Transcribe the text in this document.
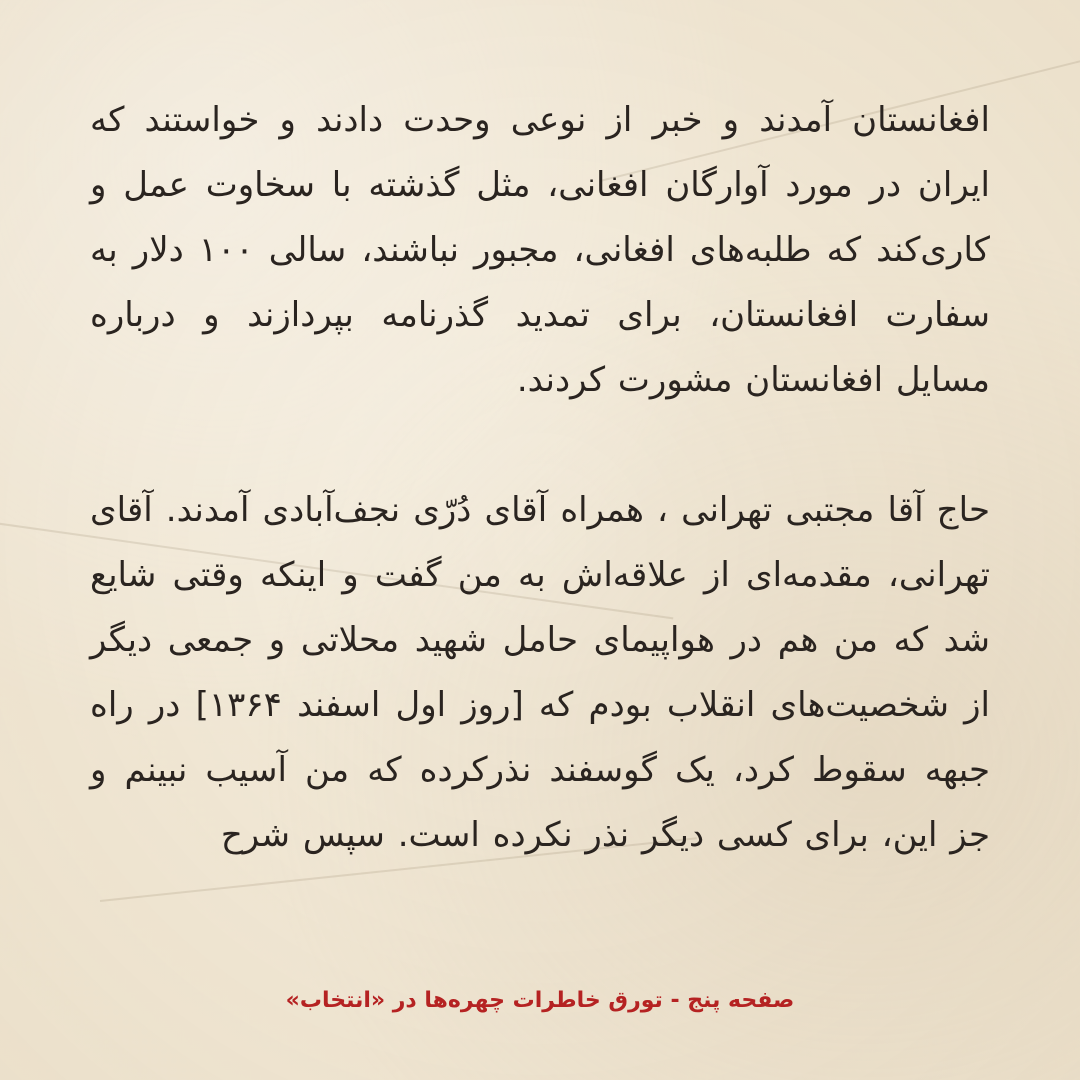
افغانستان آمدند و خبر از نوعی وحدت دادند و خواستند که ایران در مورد آوارگان افغانی، مثل گذشته با سخاوت عمل و کاری‌کند که طلبه‌های افغانی، مجبور نباشند، سالی ۱۰۰ دلار به سفارت افغانستان، برای تمدید گذرنامه بپردازند و درباره مسایل افغانستان مشورت کردند.

حاج آقا مجتبی تهرانی ، همراه آقای دُرّی نجف‌آبادی آمدند. آقای تهرانی، مقدمه‌ای از علاقه‌اش به من گفت و اینکه وقتی شایع شد که من هم در هواپیمای حامل شهید محلاتی و جمعی دیگر از شخصیت‌های انقلاب بودم که [روز اول اسفند ۱۳۶۴] در راه جبهه سقوط کرد، یک گوسفند نذرکرده که من آسیب نبینم و جز این، برای کسی دیگر نذر نکرده است. سپس شرح

صفحه پنج - تورق خاطرات چهره‌ها در «انتخاب»
